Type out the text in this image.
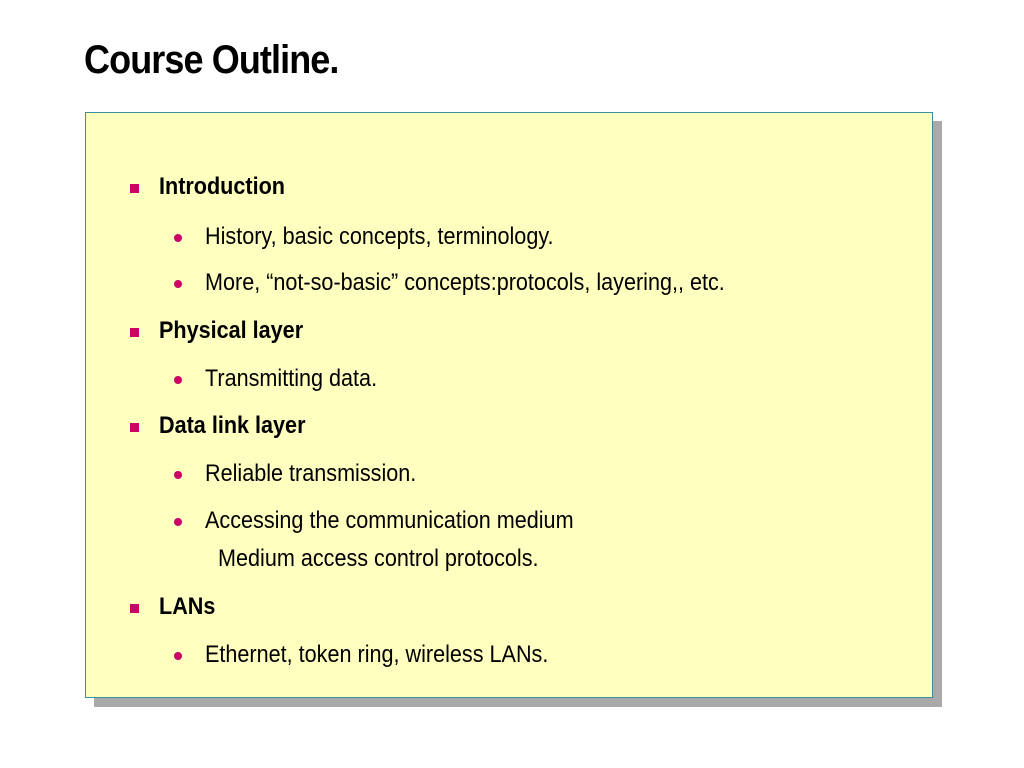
Course Outline.
Introduction
History, basic concepts, terminology.
More, “not-so-basic” concepts:protocols, layering,, etc.
Physical layer
Transmitting data.
Data link layer
Reliable transmission.
Accessing the communication medium
Medium access control protocols.
LANs
Ethernet, token ring, wireless LANs.
